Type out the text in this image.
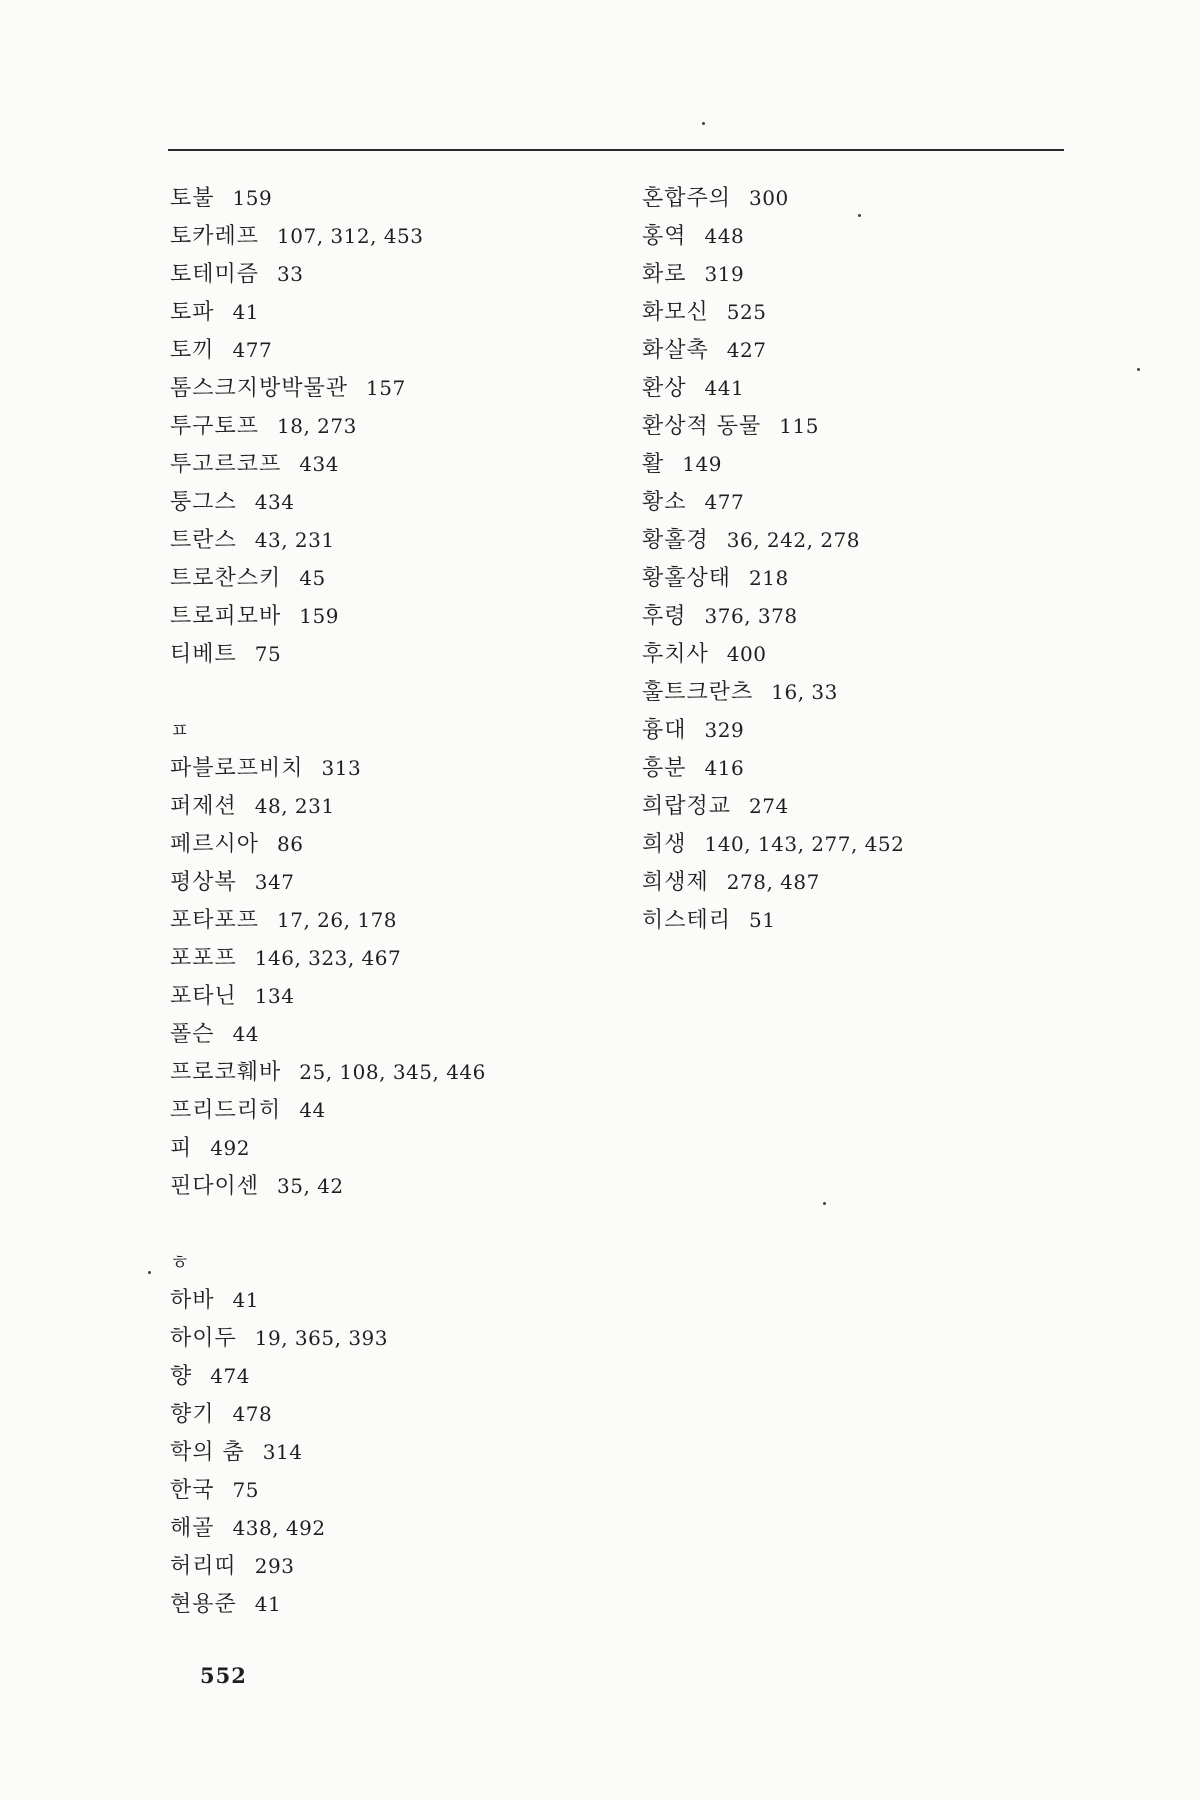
토불 159
토카레프 107, 312, 453
토테미즘 33
토파 41
토끼 477
톰스크지방박물관 157
투구토프 18, 273
투고르코프 434
퉁그스 434
트란스 43, 231
트로찬스키 45
트로피모바 159
티베트 75
ㅍ
파블로프비치 313
퍼제션 48, 231
페르시아 86
평상복 347
포타포프 17, 26, 178
포포프 146, 323, 467
포타닌 134
폴슨 44
프로코훼바 25, 108, 345, 446
프리드리히 44
피 492
핀다이센 35, 42
ㅎ
하바 41
하이두 19, 365, 393
향 474
향기 478
학의 춤 314
한국 75
해골 438, 492
허리띠 293
현용준 41
혼합주의 300
홍역 448
화로 319
화모신 525
화살촉 427
환상 441
환상적 동물 115
활 149
황소 477
황홀경 36, 242, 278
황홀상태 218
후령 376, 378
후치사 400
훌트크란츠 16, 33
흉대 329
흥분 416
희랍정교 274
희생 140, 143, 277, 452
희생제 278, 487
히스테리 51
552
